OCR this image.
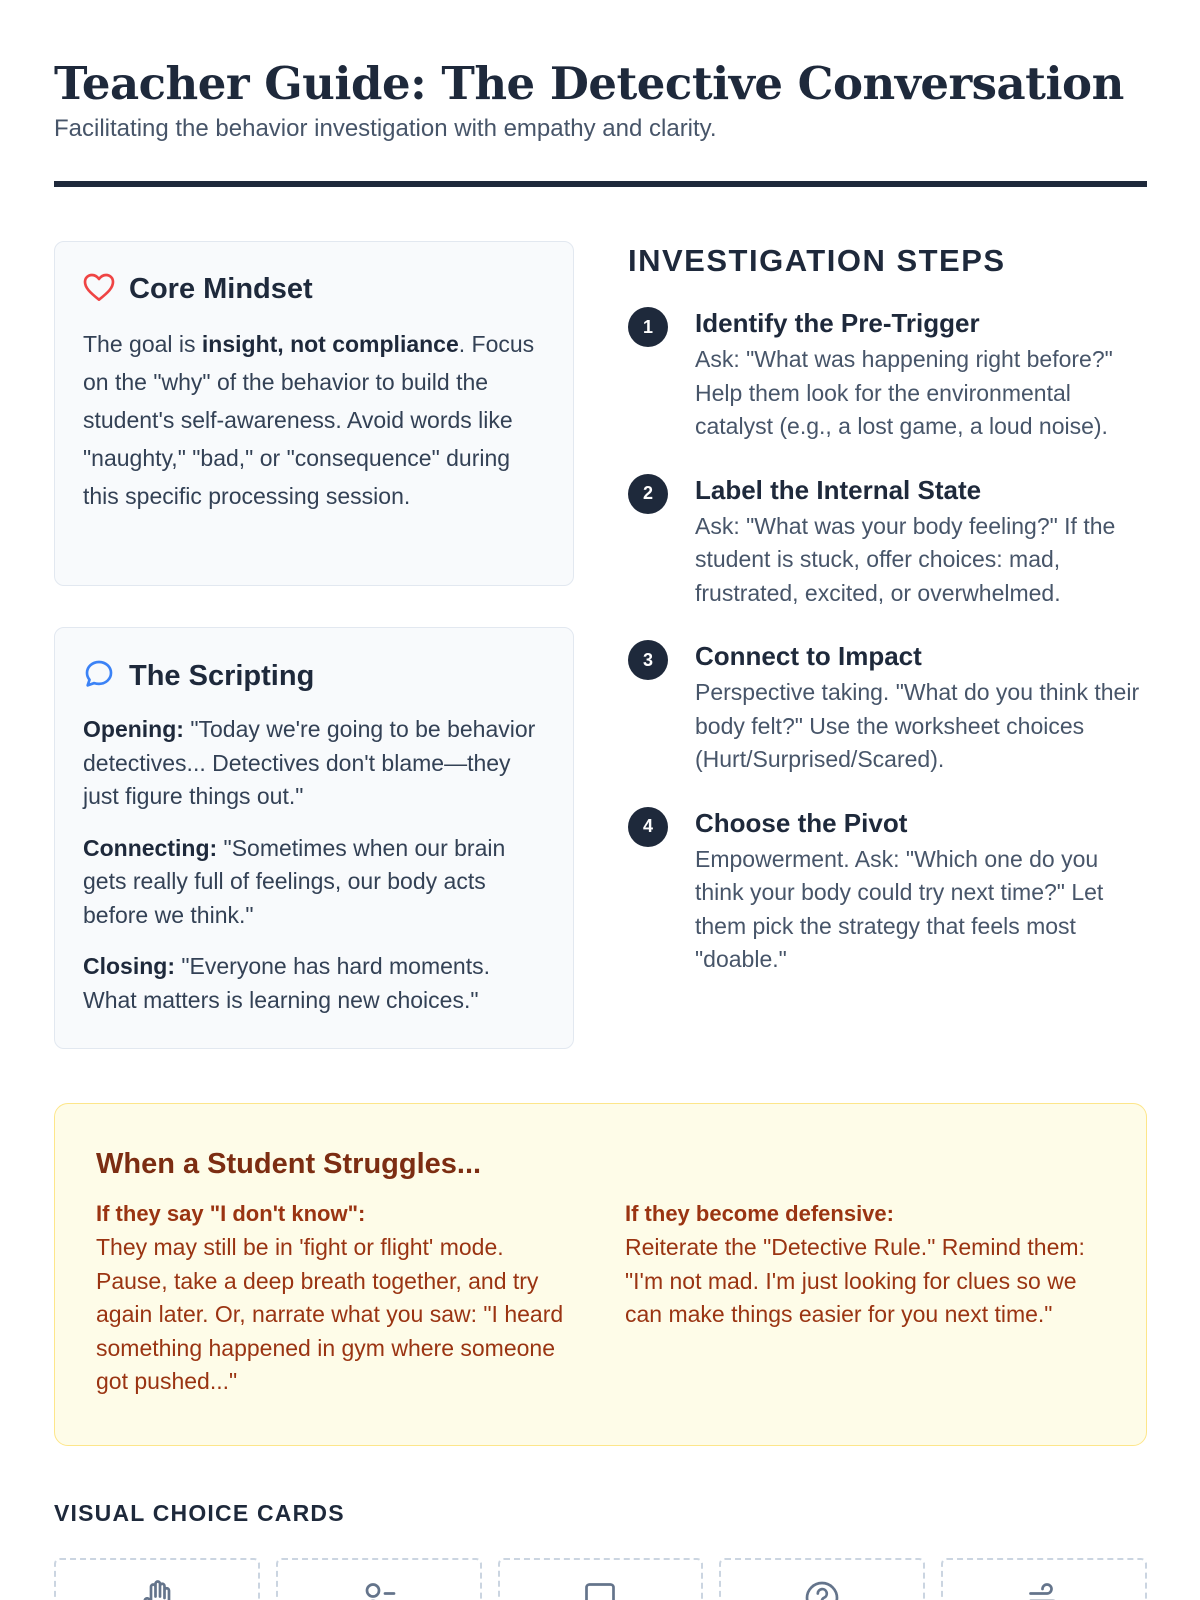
Teacher Guide: The Detective Conversation
Facilitating the behavior investigation with empathy and clarity.
Core Mindset

The goal is insight, not compliance. Focus on the "why" of the behavior to build the student's self-awareness. Avoid words like "naughty," "bad," or "consequence" during this specific processing session.

The Scripting
Opening: "Today we're going to be behavior detectives... Detectives don't blame—they just figure things out."
Connecting: "Sometimes when our brain gets really full of feelings, our body acts before we think."
Closing: "Everyone has hard moments. What matters is learning new choices."
INVESTIGATION STEPS
1	Identify the Pre-Trigger

Ask: "What was happening right before?" Help them look for the environmental catalyst (e.g., a lost game, a loud noise).

2	Label the Internal State

Ask: "What was your body feeling?" If the student is stuck, offer choices: mad, frustrated, excited, or overwhelmed.

3	Connect to Impact

Perspective taking. "What do you think their body felt?" Use the worksheet choices (Hurt/Surprised/Scared).

4	Choose the Pivot

Empowerment. Ask: "Which one do you think your body could try next time?" Let them pick the strategy that feels most "doable."

When a Student Struggles...
If they say "I don't know":

They may still be in 'fight or flight' mode. Pause, take a deep breath together, and try again later. Or, narrate what you saw: "I heard something happened in gym where someone got pushed..."

If they become defensive:

Reiterate the "Detective Rule." Remind them: "I'm not mad. I'm just looking for clues so we can make things easier for you next time."

VISUAL CHOICE CARDS
